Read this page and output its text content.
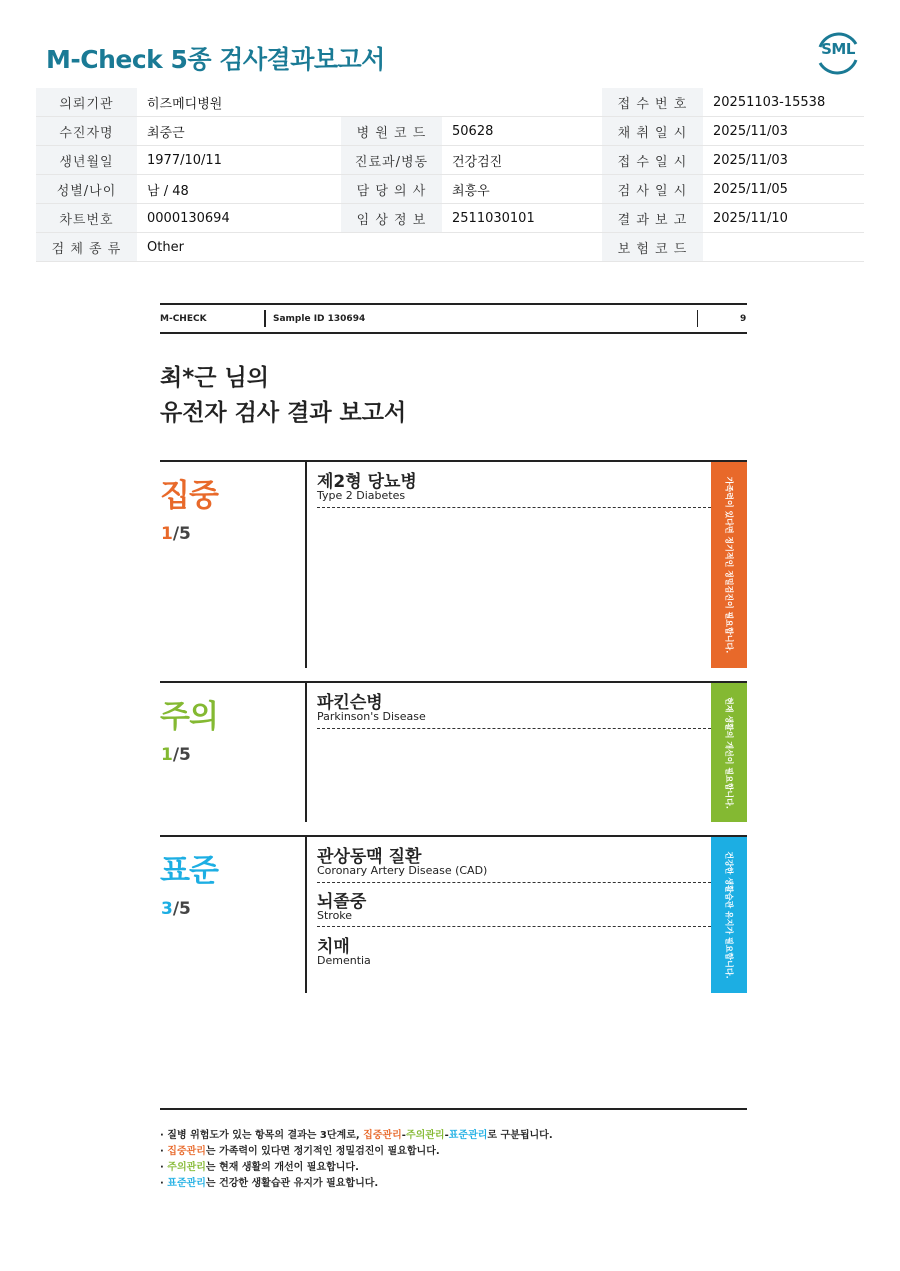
M-Check 5종 검사결과보고서	SML
의뢰기관	히즈메디병원			접 수 번 호	20251103-15538
수진자명	최중근	병 원 코 드	50628	채 취 일 시	2025/11/03
생년월일	1977/10/11	진료과/병동	건강검진	접 수 일 시	2025/11/03
성별/나이	남 / 48	담 당 의 사	최흥우	검 사 일 시	2025/11/05
차트번호	0000130694	임 상 정 보	2511030101	결 과 보 고	2025/11/10
검 체 종 류	Other			보 험 코 드	
M-CHECK	Sample ID 130694	9
최*근 님의
유전자 검사 결과 보고서
집중
1/5
제2형 당뇨병
Type 2 Diabetes	가족력이 있다면 정기적인 정밀검진이 필요합니다.
주의
1/5
파킨슨병
Parkinson's Disease	현재 생활의 개선이 필요합니다.
표준
3/5
관상동맥 질환
Coronary Artery Disease (CAD)
뇌졸중
Stroke
치매
Dementia	건강한 생활습관 유지가 필요합니다.
· 질병 위험도가 있는 항목의 결과는 3단계로, 집중관리-주의관리-표준관리로 구분됩니다.
· 집중관리는 가족력이 있다면 정기적인 정밀검진이 필요합니다.
· 주의관리는 현재 생활의 개선이 필요합니다.
· 표준관리는 건강한 생활습관 유지가 필요합니다.
